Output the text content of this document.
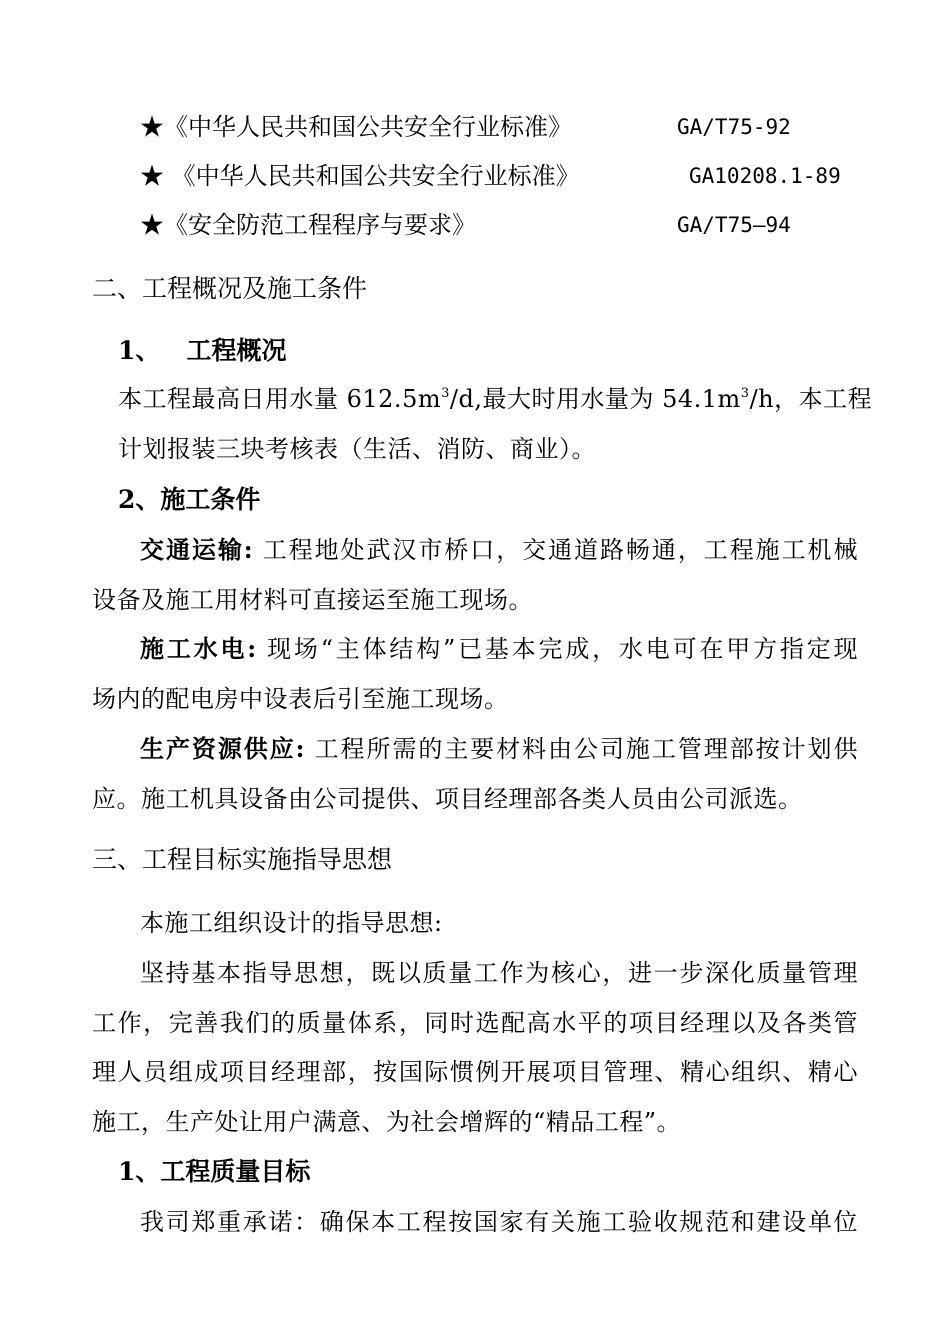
★《中华人民共和国公共安全行业标准》	GA/T75-92
★ 《中华人民共和国公共安全行业标准》	GA10208.1-89
★《安全防范工程程序与要求》	GA/T75—94
二、工程概况及施工条件
1、   工程概况
本工程最高日用水量 $612.5m^3/d$,最大时用水量为 $54.1m^3/h$，本工程
计划报装三块考核表（生活、消防、商业）。
2、施工条件
交通运输: 工程地处武汉市桥口，交通道路畅通，工程施工机械
设备及施工用材料可直接运至施工现场。
施工水电: 现场“主体结构”已基本完成，水电可在甲方指定现
场内的配电房中设表后引至施工现场。
生产资源供应: 工程所需的主要材料由公司施工管理部按计划供
应。施工机具设备由公司提供、项目经理部各类人员由公司派选。
三、工程目标实施指导思想
本施工组织设计的指导思想:
坚持基本指导思想，既以质量工作为核心，进一步深化质量管理
工作，完善我们的质量体系，同时选配高水平的项目经理以及各类管
理人员组成项目经理部，按国际惯例开展项目管理、精心组织、精心
施工，生产处让用户满意、为社会增辉的“精品工程”。
1、工程质量目标
我司郑重承诺：确保本工程按国家有关施工验收规范和建设单位
